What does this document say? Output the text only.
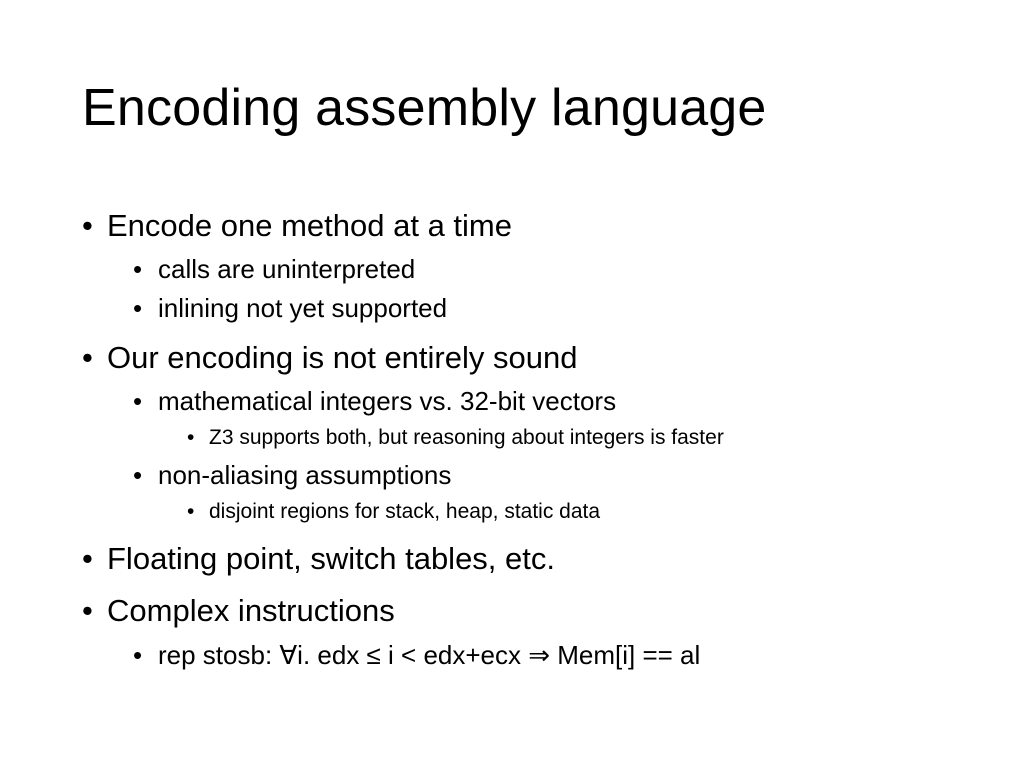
Encoding assembly language
• Encode one method at a time
• calls are uninterpreted
• inlining not yet supported
• Our encoding is not entirely sound
• mathematical integers vs. 32-bit vectors
• Z3 supports both, but reasoning about integers is faster
• non-aliasing assumptions
• disjoint regions for stack, heap, static data
• Floating point, switch tables, etc.
• Complex instructions
• rep stosb: ∀i. edx ≤ i < edx+ecx ⇒ Mem[i] == al
